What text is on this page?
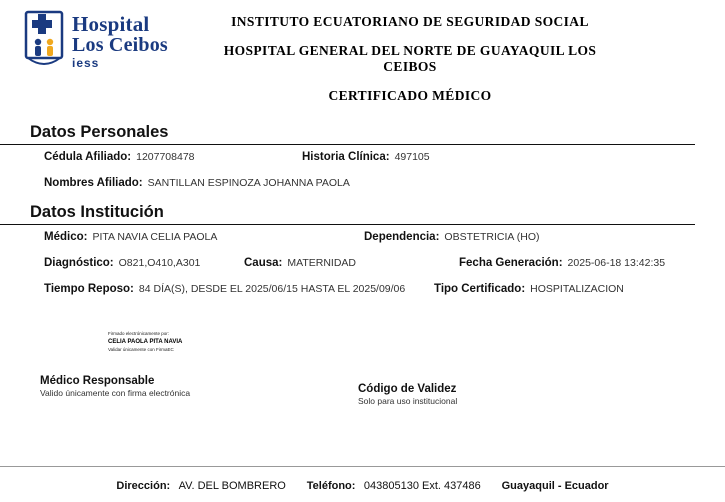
Hospital
Los Ceibos
iess
INSTITUTO ECUATORIANO DE SEGURIDAD SOCIAL
HOSPITAL GENERAL DEL NORTE DE GUAYAQUIL LOS CEIBOS
CERTIFICADO MÉDICO
Datos Personales
Cédula Afiliado: 1207708478	Historia Clínica: 497105
Nombres Afiliado: SANTILLAN ESPINOZA JOHANNA PAOLA
Datos Institución
Médico: PITA NAVIA CELIA PAOLA	Dependencia: OBSTETRICIA (HO)
Diagnóstico: O821,O410,A301	Causa: MATERNIDAD	Fecha Generación: 2025-06-18 13:42:35
Tiempo Reposo: 84 DÍA(S), DESDE EL 2025/06/15 HASTA EL 2025/09/06	Tipo Certificado: HOSPITALIZACION
Firmado electrónicamente por:
CELIA PAOLA PITA NAVIA
Validar únicamente con FirmaEC
Médico Responsable
Valido únicamente con firma electrónica	Código de Validez
Solo para uso institucional
Dirección: AV. DEL BOMBRERO Teléfono: 043805130 Ext. 437486 Guayaquil - Ecuador
